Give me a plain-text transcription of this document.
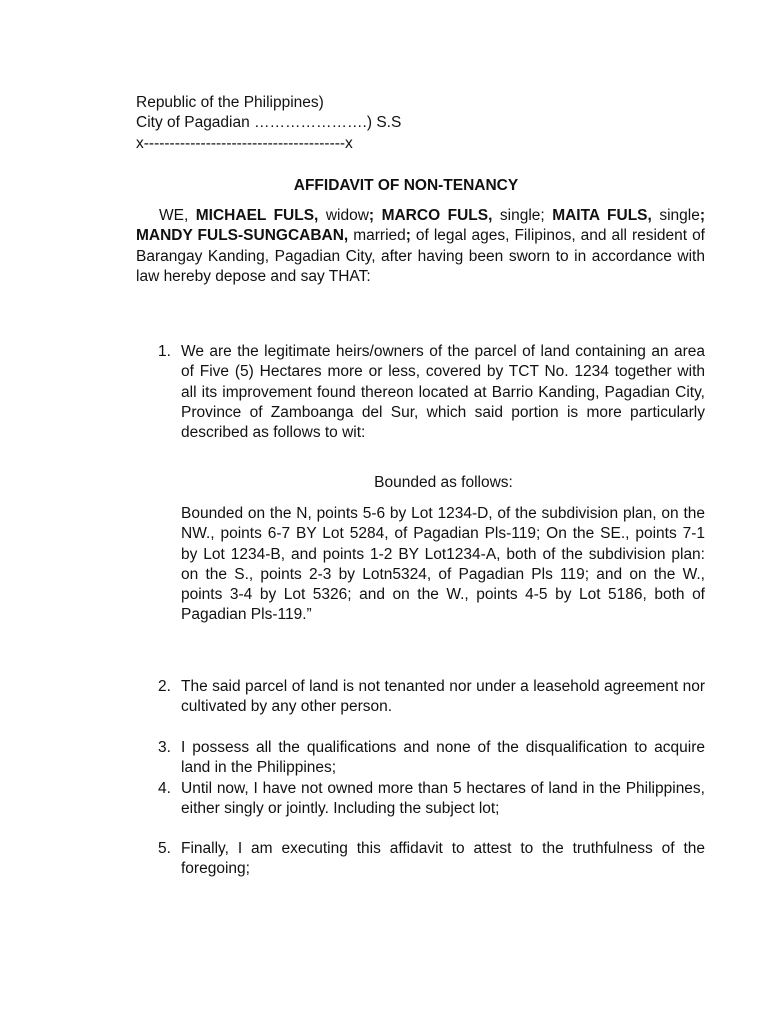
Republic of the Philippines)
City of Pagadian ………………….) S.S
x---------------------------------------x
AFFIDAVIT OF NON-TENANCY
WE, MICHAEL FULS, widow; MARCO FULS, single; MAITA FULS, single; MANDY FULS-SUNGCABAN, married; of legal ages, Filipinos, and all resident of Barangay Kanding, Pagadian City, after having been sworn to in accordance with law hereby depose and say THAT:
1. We are the legitimate heirs/owners of the parcel of land containing an area of Five (5) Hectares more or less, covered by TCT No. 1234 together with all its improvement found thereon located at Barrio Kanding, Pagadian City, Province of Zamboanga del Sur, which said portion is more particularly described as follows to wit:
Bounded as follows:
Bounded on the N, points 5-6 by Lot 1234-D, of the subdivision plan, on the NW., points 6-7 BY Lot 5284, of Pagadian Pls-119; On the SE., points 7-1 by Lot 1234-B, and points 1-2 BY Lot1234-A, both of the subdivision plan: on the S., points 2-3 by Lotn5324, of Pagadian Pls 119; and on the W., points 3-4 by Lot 5326; and on the W., points 4-5 by Lot 5186, both of Pagadian Pls-119.”
2. The said parcel of land is not tenanted nor under a leasehold agreement nor cultivated by any other person.
3. I possess all the qualifications and none of the disqualification to acquire land in the Philippines;
4. Until now, I have not owned more than 5 hectares of land in the Philippines, either singly or jointly. Including the subject lot;
5. Finally, I am executing this affidavit to attest to the truthfulness of the foregoing;
